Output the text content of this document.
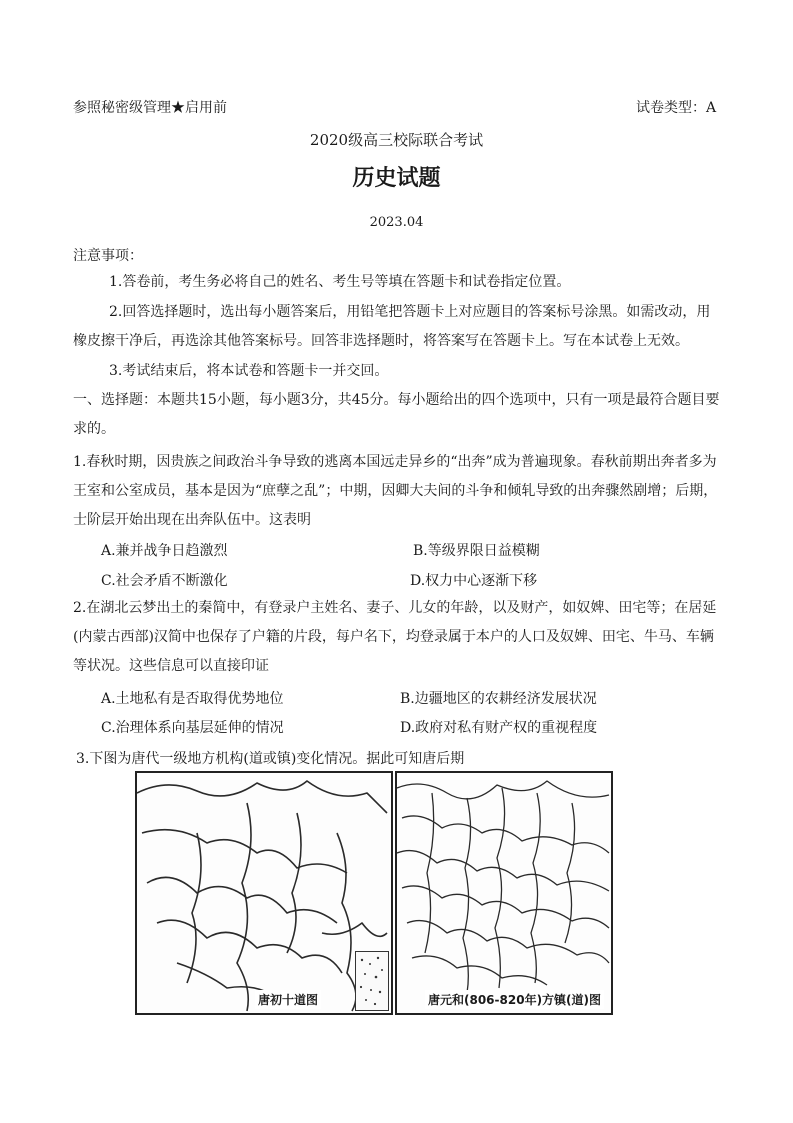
参照秘密级管理★启用前	试卷类型：A
2020级高三校际联合考试
历史试题
2023.04
注意事项：
1.答卷前，考生务必将自己的姓名、考生号等填在答题卡和试卷指定位置。
2.回答选择题时，选出每小题答案后，用铅笔把答题卡上对应题目的答案标号涂黑。如需改动，用橡皮擦干净后，再选涂其他答案标号。回答非选择题时，将答案写在答题卡上。写在本试卷上无效。
3.考试结束后，将本试卷和答题卡一并交回。
一、选择题：本题共15小题，每小题3分，共45分。每小题给出的四个选项中，只有一项是最符合题目要求的。
1.春秋时期，因贵族之间政治斗争导致的逃离本国远走异乡的“出奔”成为普遍现象。春秋前期出奔者多为王室和公室成员，基本是因为“庶孽之乱”；中期，因卿大夫间的斗争和倾轧导致的出奔骤然剧增；后期，士阶层开始出现在出奔队伍中。这表明
A.兼并战争日趋激烈	B.等级界限日益模糊
C.社会矛盾不断激化	D.权力中心逐渐下移
2.在湖北云梦出土的秦简中，有登录户主姓名、妻子、儿女的年龄，以及财产，如奴婢、田宅等；在居延(内蒙古西部)汉简中也保存了户籍的片段，每户名下，均登录属于本户的人口及奴婢、田宅、牛马、车辆等状况。这些信息可以直接印证
A.土地私有是否取得优势地位	B.边疆地区的农耕经济发展状况
C.治理体系向基层延伸的情况	D.政府对私有财产权的重视程度
3.下图为唐代一级地方机构(道或镇)变化情况。据此可知唐后期
唐初十道图	唐元和(806-820年)方镇(道)图
